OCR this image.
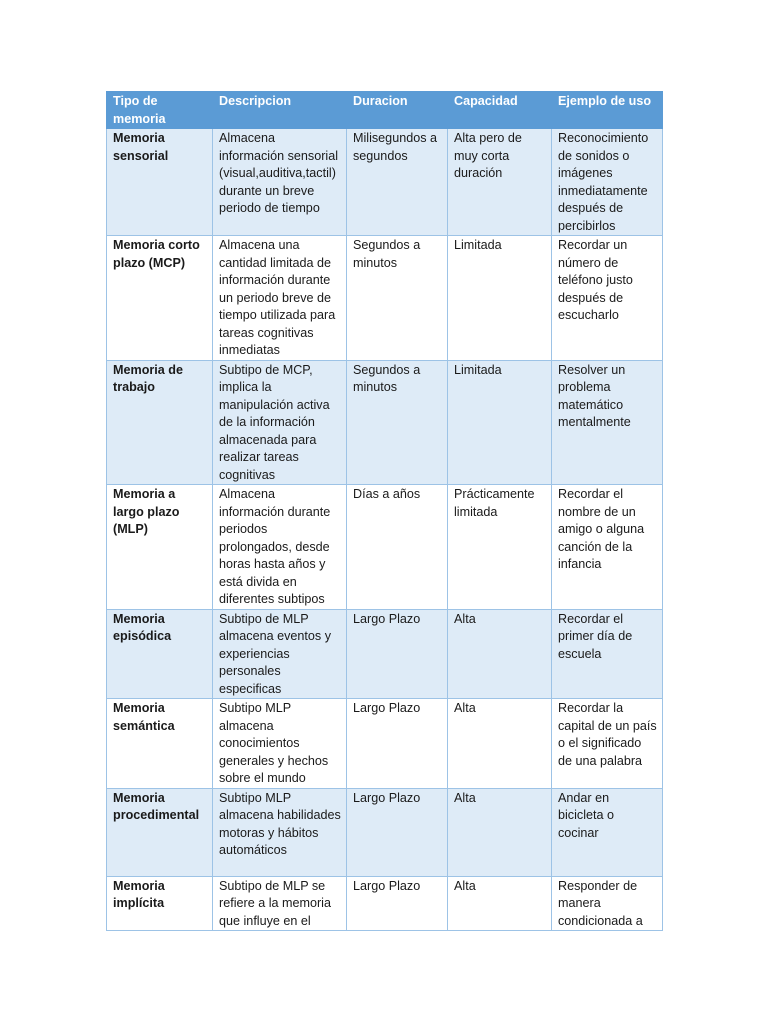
Tipo de memoria	Descripcion	Duracion	Capacidad	Ejemplo de uso
Memoria sensorial	Almacena información sensorial (visual,auditiva,tactil) durante un breve periodo de tiempo	Milisegundos a segundos	Alta pero de muy corta duración	Reconocimiento de sonidos o imágenes inmediatamente después de percibirlos
Memoria corto plazo (MCP)	Almacena una cantidad limitada de información durante un periodo breve de tiempo utilizada para tareas cognitivas inmediatas	Segundos a minutos	Limitada	Recordar un número de teléfono justo después de escucharlo
Memoria de trabajo	Subtipo de MCP, implica la manipulación activa de la información almacenada para realizar tareas cognitivas	Segundos a minutos	Limitada	Resolver un problema matemático mentalmente
Memoria a largo plazo (MLP)	Almacena información durante periodos prolongados, desde horas hasta años y está divida en diferentes subtipos	Días a años	Prácticamente limitada	Recordar el nombre de un amigo o alguna canción de la infancia
Memoria episódica	Subtipo de MLP almacena eventos y experiencias personales especificas	Largo Plazo	Alta	Recordar el primer día de escuela
Memoria semántica	Subtipo MLP almacena conocimientos generales y hechos sobre el mundo	Largo Plazo	Alta	Recordar la capital de un país o el significado de una palabra
Memoria procedimental	Subtipo MLP almacena habilidades motoras y hábitos automáticos	Largo Plazo	Alta	Andar en bicicleta o cocinar
Memoria implícita	Subtipo de MLP se refiere a la memoria que influye en el	Largo Plazo	Alta	Responder de manera condicionada a
